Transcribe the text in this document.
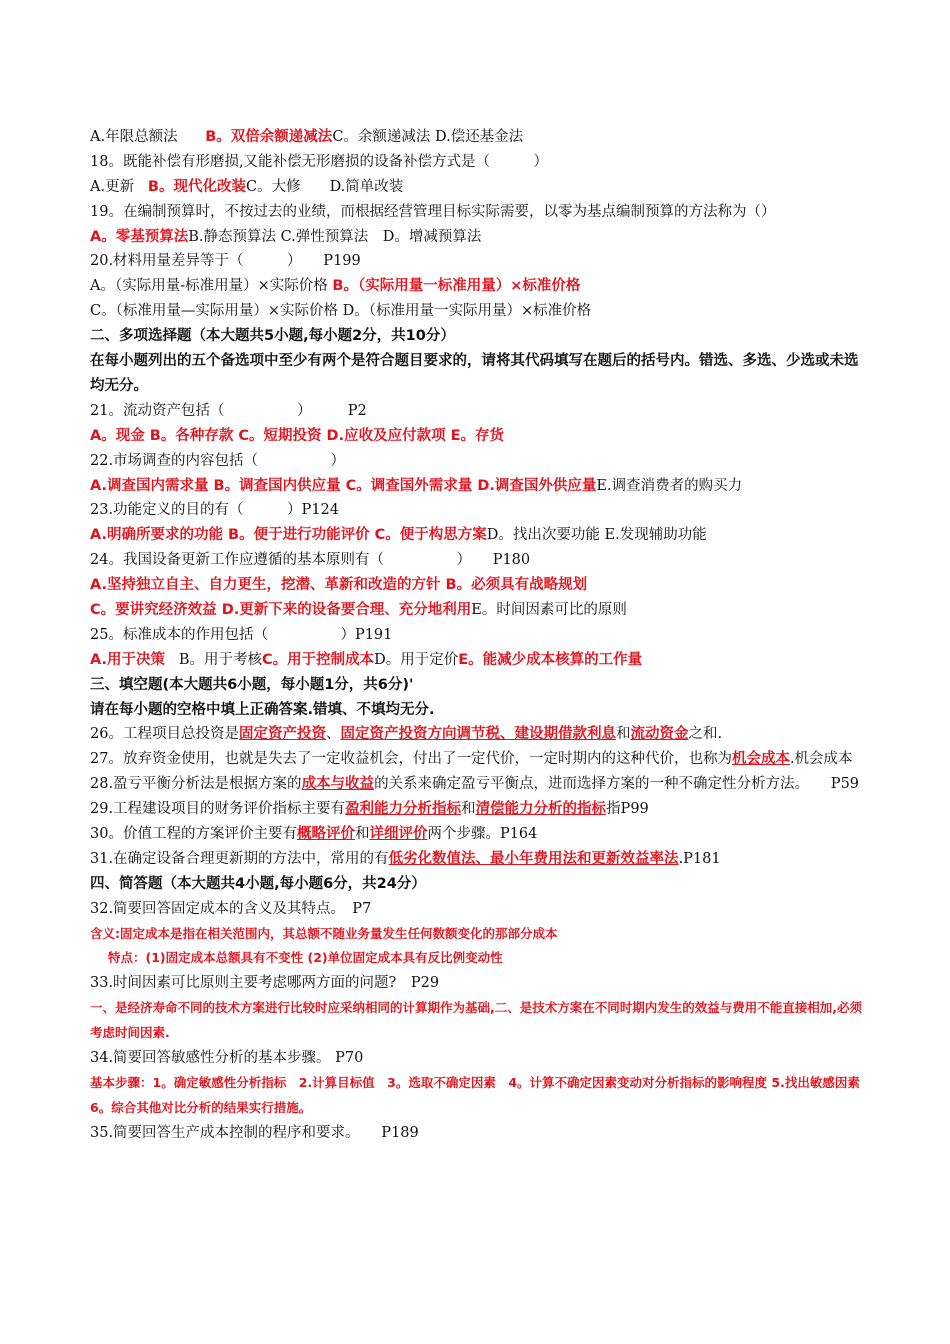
A.年限总额法 B。双倍余额递减法C。余额递减法 D.偿还基金法
18。既能补偿有形磨损,又能补偿无形磨损的设备补偿方式是（　　　）
A.更新 B。现代化改装C。大修　　D.简单改装
19。在编制预算时，不按过去的业绩，而根据经营管理目标实际需要，以零为基点编制预算的方法称为（）
A。零基预算法B.静态预算法 C.弹性预算法　D。增减预算法
20.材料用量差异等于（　　　）　　P199
A。（实际用量-标准用量）×实际价格 B。（实际用量一标准用量）×标准价格
C。（标准用量—实际用量）×实际价格 D。（标准用量一实际用量）×标准价格
二、多项选择题（本大题共5小题,每小题2分，共10分）
在每小题列出的五个备选项中至少有两个是符合题目要求的，请将其代码填写在题后的括号内。错选、多选、少选或未选均无分。
21。流动资产包括（　　　　　）　　　P2
A。现金 B。各种存款 C。短期投资 D.应收及应付款项 E。存货
22.市场调查的内容包括（　　　　　）
A.调查国内需求量 B。调查国内供应量 C。调查国外需求量 D.调查国外供应量E.调查消费者的购买力
23.功能定义的目的有（　　　）P124
A.明确所要求的功能 B。便于进行功能评价 C。便于构思方案D。找出次要功能 E.发现辅助功能
24。我国设备更新工作应遵循的基本原则有（　　　　　）　　P180
A.坚持独立自主、自力更生，挖潜、革新和改造的方针 B。必须具有战略规划
C。要讲究经济效益 D.更新下来的设备要合理、充分地利用E。时间因素可比的原则
25。标准成本的作用包括（　　　　　）P191
A.用于决策 B。用于考核C。用于控制成本D。用于定价E。能减少成本核算的工作量
三、填空题(本大题共6小题，每小题1分，共6分)'
请在每小题的空格中填上正确答案.错填、不填均无分.
26。工程项目总投资是固定资产投资、固定资产投资方向调节税、建设期借款利息和流动资金之和.
27。放弃资金使用，也就是失去了一定收益机会，付出了一定代价，一定时期内的这种代价，也称为机会成本.机会成本
28.盈亏平衡分析法是根据方案的成本与收益的关系来确定盈亏平衡点，进而选择方案的一种不确定性分析方法。　　P59
29.工程建设项目的财务评价指标主要有盈利能力分析指标和清偿能力分析的指标指P99
30。价值工程的方案评价主要有概略评价和详细评价两个步骤。P164
31.在确定设备合理更新期的方法中，常用的有低劣化数值法、最小年费用法和更新效益率法.P181
四、简答题（本大题共4小题,每小题6分，共24分）
32.简要回答固定成本的含义及其特点。　P7
含义:固定成本是指在相关范围内，其总额不随业务量发生任何数额变化的那部分成本
特点：(1)固定成本总额具有不变性 (2)单位固定成本具有反比例变动性
33.时间因素可比原则主要考虑哪两方面的问题?　P29
一、是经济寿命不同的技术方案进行比较时应采纳相同的计算期作为基础,二、是技术方案在不同时期内发生的效益与费用不能直接相加,必须考虑时间因素.
34.简要回答敏感性分析的基本步骤。 P70
基本步骤：1。确定敏感性分析指标　2.计算目标值　3。选取不确定因素　4。计算不确定因素变动对分析指标的影响程度 5.找出敏感因素　6。综合其他对比分析的结果实行措施。
35.简要回答生产成本控制的程序和要求。　　P189
